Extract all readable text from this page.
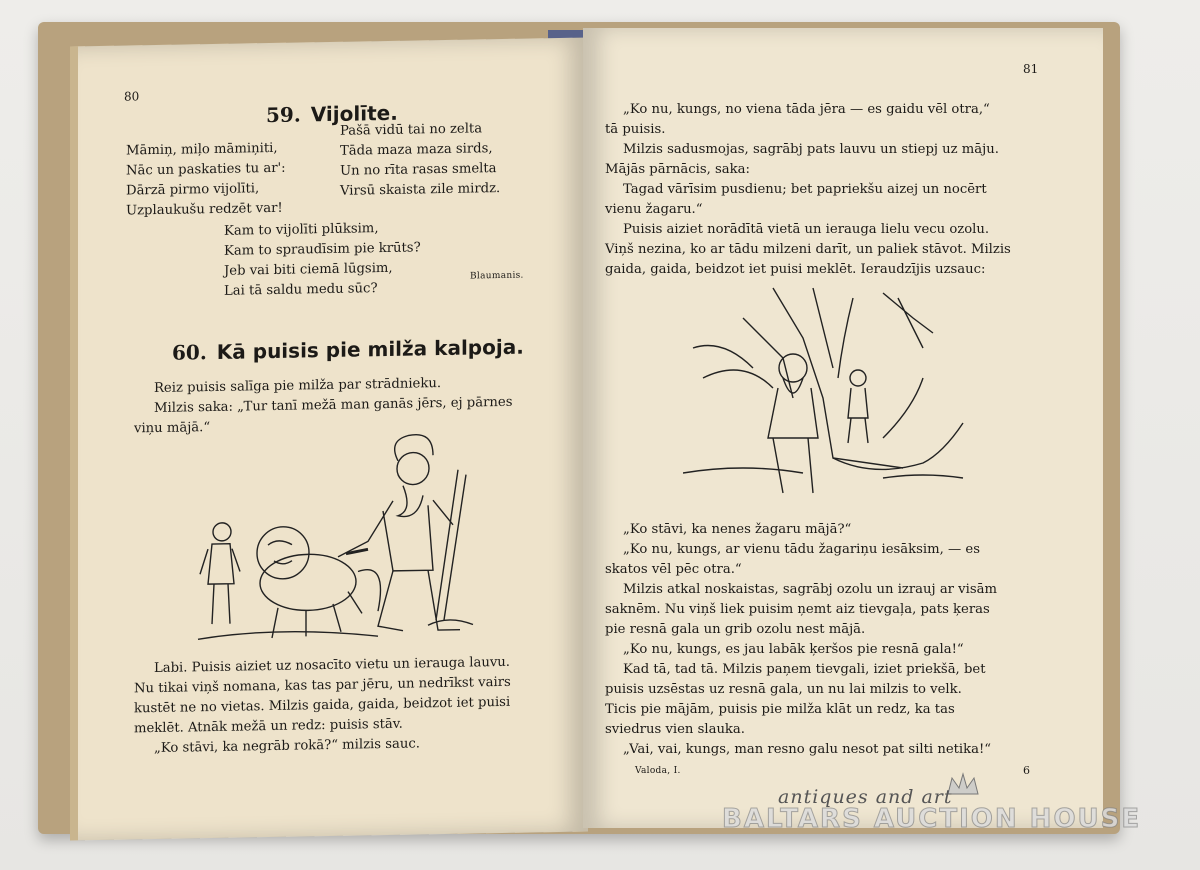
80
59. Vijolīte.
Māmiņ, miļo māmiņiti,
Nāc un paskaties tu ar':
Dārzā pirmo vijolīti,
Uzplaukušu redzēt var!
Pašā vidū tai no zelta
Tāda maza maza sirds,
Un no rīta rasas smelta
Virsū skaista zile mirdz.
Kam to vijolīti plūksim,
Kam to spraudīsim pie krūts?
Jeb vai biti ciemā lūgsim,
Lai tā saldu medu sūc?
Blaumanis.
60. Kā puisis pie milža kalpoja.
Reiz puisis salīga pie milža par strādnieku.
Milzis saka: „Tur tanī mežā man ganās jērs, ej pārnes
viņu mājā.“
Labi. Puisis aiziet uz nosacīto vietu un ierauga lauvu.
Nu tikai viņš nomana, kas tas par jēru, un nedrīkst vairs
kustēt ne no vietas. Milzis gaida, gaida, beidzot iet puisi
meklēt. Atnāk mežā un redz: puisis stāv.
„Ko stāvi, ka negrāb rokā?“ milzis sauc.
81
„Ko nu, kungs, no viena tāda jēra — es gaidu vēl otra,“
tā puisis.
Milzis sadusmojas, sagrābj pats lauvu un stiepj uz māju.
Mājās pārnācis, saka:
Tagad vārīsim pusdienu; bet papriekšu aizej un nocērt
vienu žagaru.“
Puisis aiziet norādītā vietā un ierauga lielu vecu ozolu.
Viņš nezina, ko ar tādu milzeni darīt, un paliek stāvot. Milzis
gaida, gaida, beidzot iet puisi meklēt. Ieraudzījis uzsauc:
„Ko stāvi, ka nenes žagaru mājā?“
„Ko nu, kungs, ar vienu tādu žagariņu iesāksim, — es
skatos vēl pēc otra.“
Milzis atkal noskaistas, sagrābj ozolu un izrauj ar visām
saknēm. Nu viņš liek puisim ņemt aiz tievgaļa, pats ķeras
pie resnā gala un grib ozolu nest mājā.
„Ko nu, kungs, es jau labāk ķeršos pie resnā gala!“
Kad tā, tad tā. Milzis paņem tievgali, iziet priekšā, bet
puisis uzsēstas uz resnā gala, un nu lai milzis to velk.
Ticis pie mājām, puisis pie milža klāt un redz, ka tas
sviedrus vien slauka.
„Vai, vai, kungs, man resno galu nesot pat silti netika!“
Valoda, I.	6
antiques and art
BALTARS AUCTION HOUSE
